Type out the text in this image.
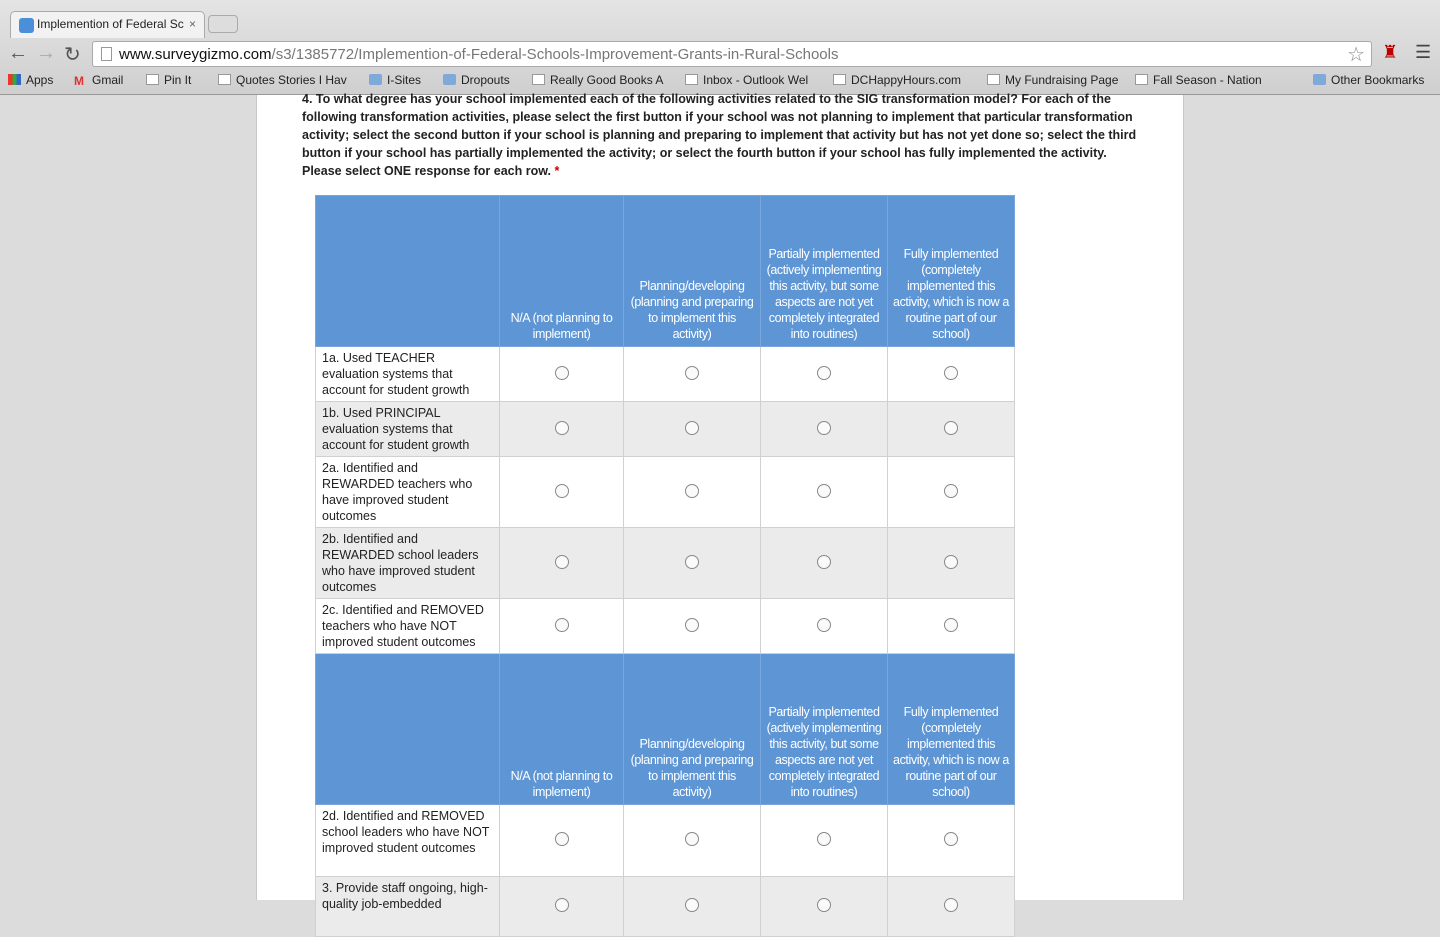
Implemention of Federal Sc ×
← → ↻	www.surveygizmo.com/s3/1385772/Implemention-of-Federal-Schools-Improvement-Grants-in-Rural-Schools	☆ ♜ ☰
Apps M Gmail	Pin It	Quotes Stories I Hav	I-Sites	Dropouts	Really Good Books A	Inbox - Outlook Wel	DCHappyHours.com	My Fundraising Page	Fall Season - Nation	Other Bookmarks
4. To what degree has your school implemented each of the following activities related to the SIG transformation model? For each of the following transformation activities, please select the first button if your school was not planning to implement that particular transformation activity; select the second button if your school is planning and preparing to implement that activity but has not yet done so; select the third button if your school has partially implemented the activity; or select the fourth button if your school has fully implemented the activity. Please select ONE response for each row. *
	N/A (not planning to implement)	Planning/developing (planning and preparing to implement this activity)	Partially implemented (actively implementing this activity, but some aspects are not yet completely integrated into routines)	Fully implemented (completely implemented this activity, which is now a routine part of our school)
1a. Used TEACHER evaluation systems that account for student growth				
1b. Used PRINCIPAL evaluation systems that account for student growth				
2a. Identified and REWARDED teachers who have improved student outcomes				
2b. Identified and REWARDED school leaders who have improved student outcomes				
2c. Identified and REMOVED teachers who have NOT improved student outcomes				
	N/A (not planning to implement)	Planning/developing (planning and preparing to implement this activity)	Partially implemented (actively implementing this activity, but some aspects are not yet completely integrated into routines)	Fully implemented (completely implemented this activity, which is now a routine part of our school)
2d. Identified and REMOVED school leaders who have NOT improved student outcomes				
3. Provide staff ongoing, high-quality job-embedded				
